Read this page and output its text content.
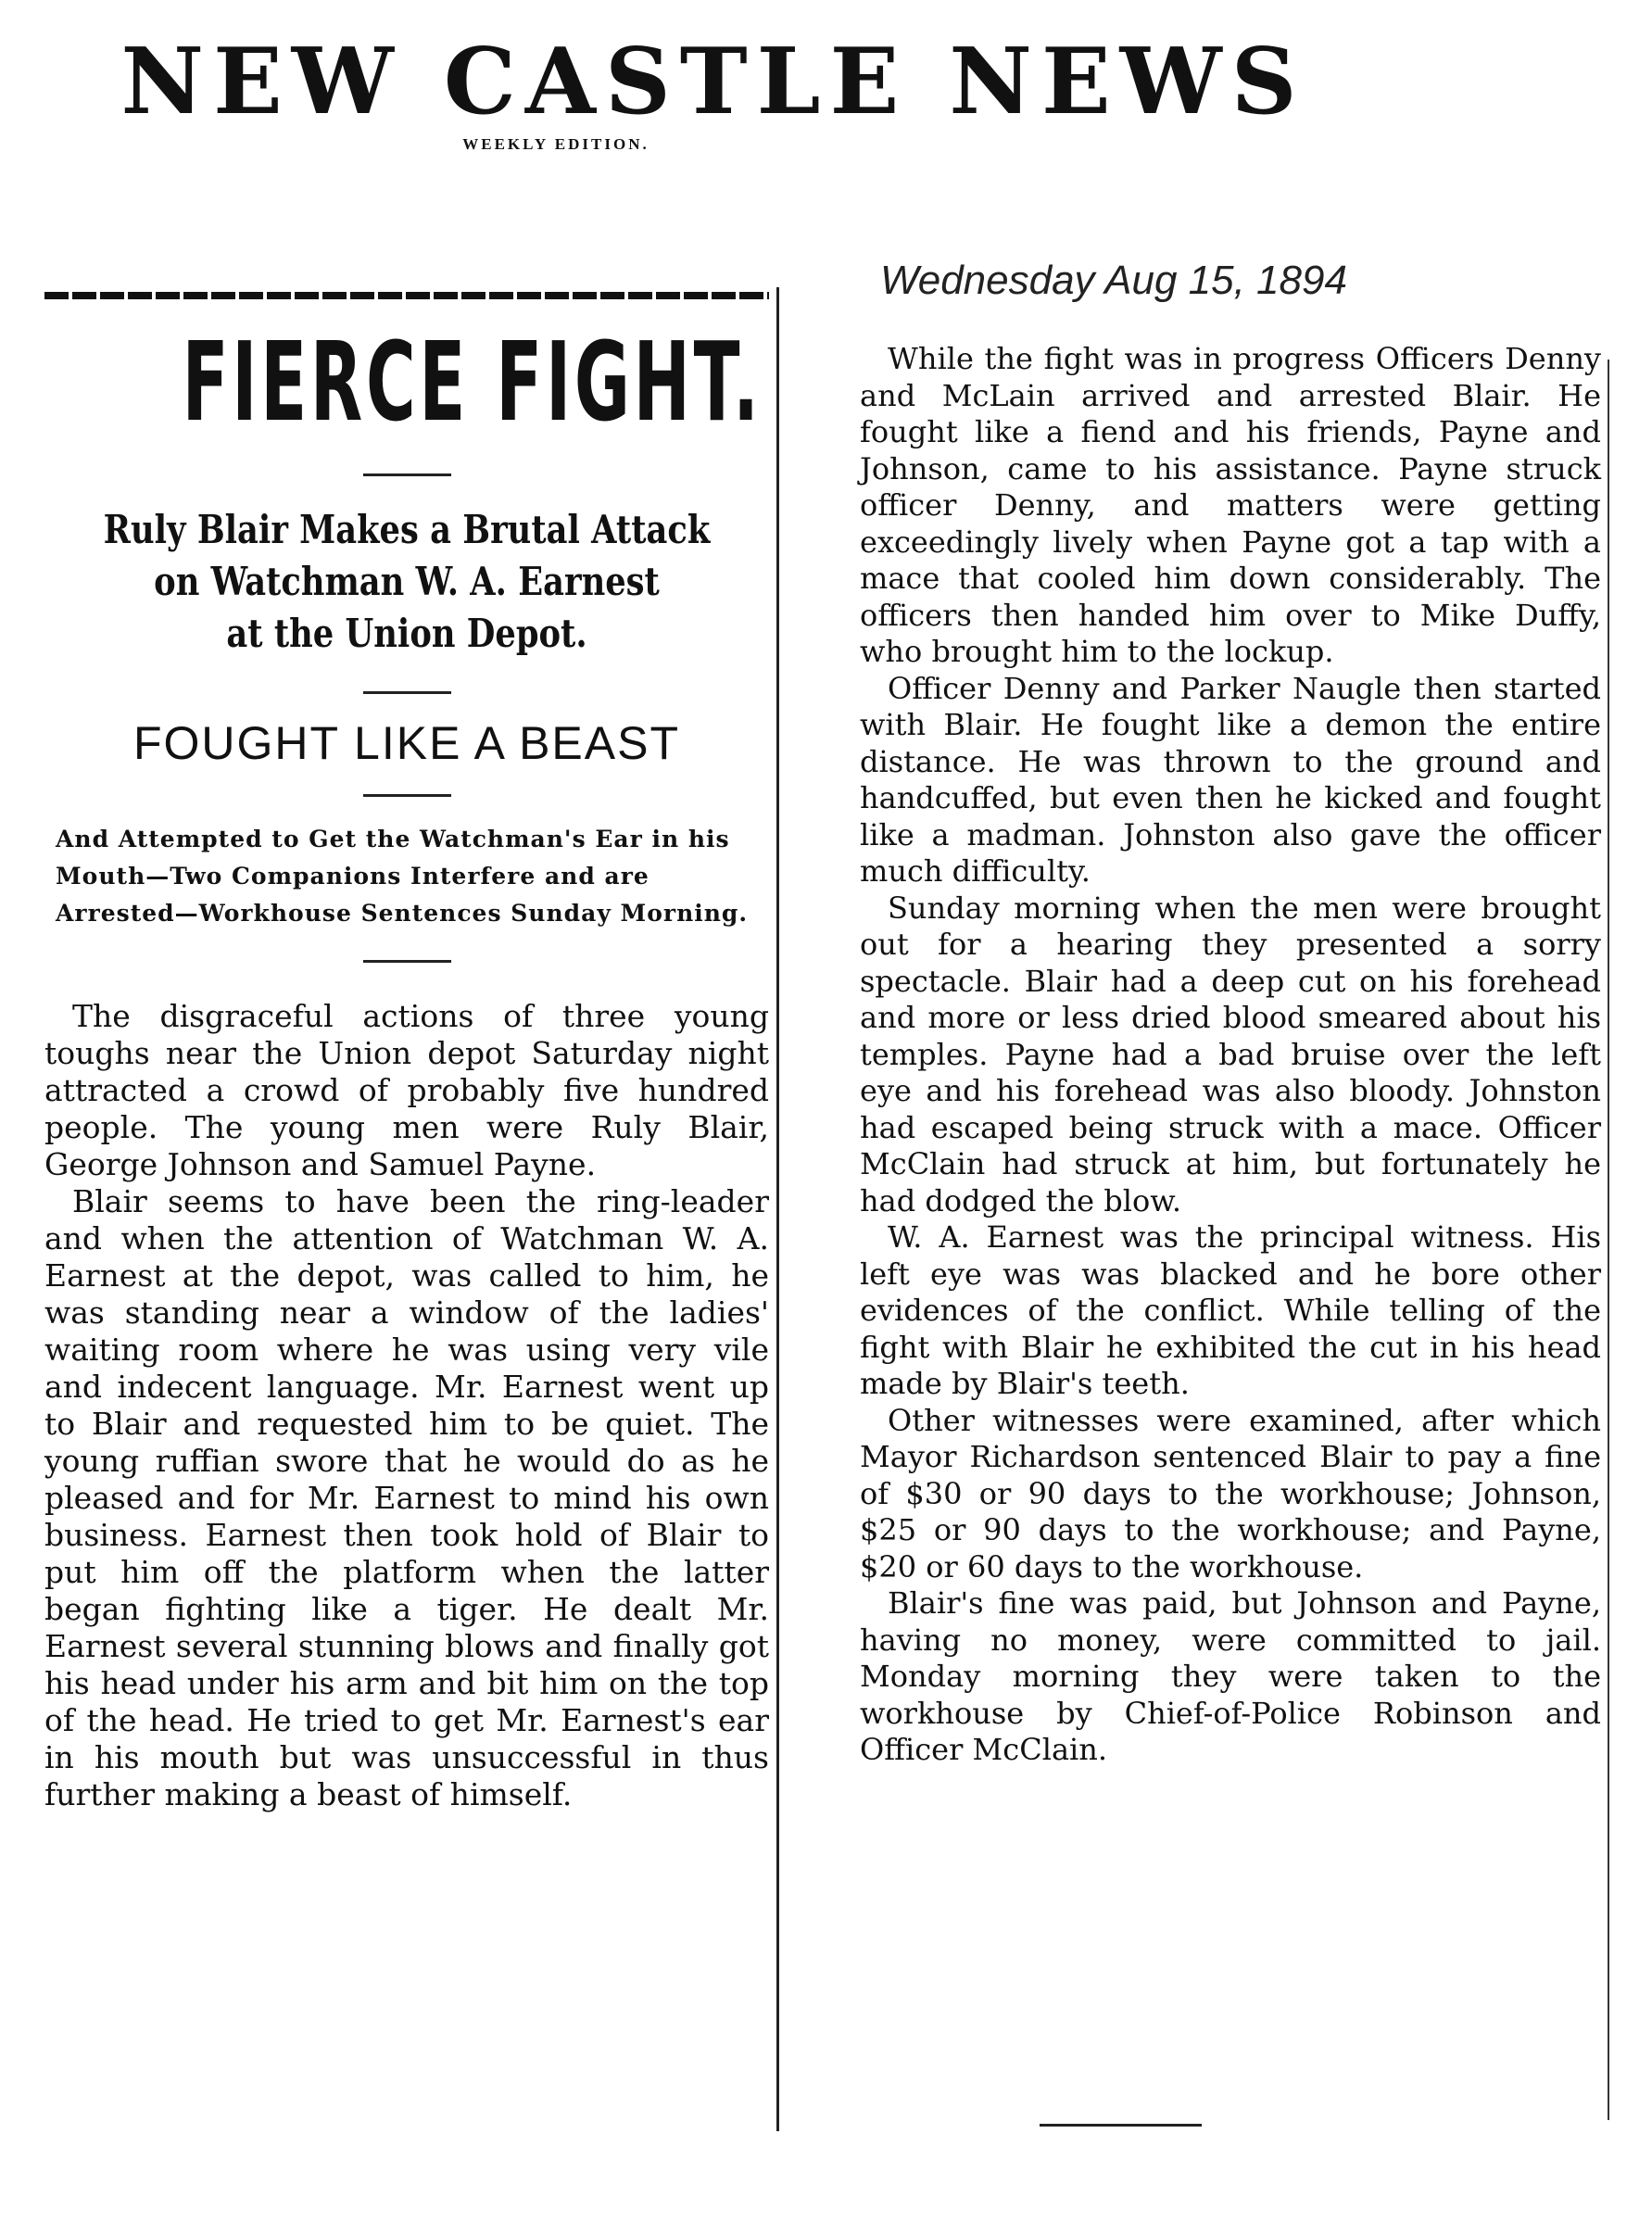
NEW CASTLE NEWS
WEEKLY EDITION.
Wednesday Aug 15, 1894
FIERCE FIGHT.
Ruly Blair Makes a Brutal Attack
on Watchman W. A. Earnest
at the Union Depot.
FOUGHT LIKE A BEAST
And Attempted to Get the Watchman's Ear in his Mouth—Two Companions Interfere and are Arrested—Workhouse Sentences Sunday Morning.

The disgraceful actions of three young toughs near the Union depot Saturday night attracted a crowd of probably five hundred people. The young men were Ruly Blair, George Johnson and Samuel Payne.

Blair seems to have been the ring-leader and when the attention of Watchman W. A. Earnest at the depot, was called to him, he was standing near a window of the ladies' waiting room where he was using very vile and indecent language. Mr. Earnest went up to Blair and requested him to be quiet. The young ruffian swore that he would do as he pleased and for Mr. Earnest to mind his own business. Earnest then took hold of Blair to put him off the platform when the latter began fighting like a tiger. He dealt Mr. Earnest several stunning blows and finally got his head under his arm and bit him on the top of the head. He tried to get Mr. Earnest's ear in his mouth but was unsuccessful in thus further making a beast of himself.

While the fight was in progress Officers Denny and McLain arrived and arrested Blair. He fought like a fiend and his friends, Payne and Johnson, came to his assistance. Payne struck officer Denny, and matters were getting exceedingly lively when Payne got a tap with a mace that cooled him down considerably. The officers then handed him over to Mike Duffy, who brought him to the lockup.

Officer Denny and Parker Naugle then started with Blair. He fought like a demon the entire distance. He was thrown to the ground and handcuffed, but even then he kicked and fought like a madman. Johnston also gave the officer much difficulty.

Sunday morning when the men were brought out for a hearing they presented a sorry spectacle. Blair had a deep cut on his forehead and more or less dried blood smeared about his temples. Payne had a bad bruise over the left eye and his forehead was also bloody. Johnston had escaped being struck with a mace. Officer McClain had struck at him, but fortunately he had dodged the blow.

W. A. Earnest was the principal witness. His left eye was was blacked and he bore other evidences of the conflict. While telling of the fight with Blair he exhibited the cut in his head made by Blair's teeth.

Other witnesses were examined, after which Mayor Richardson sentenced Blair to pay a fine of $30 or 90 days to the workhouse; Johnson, $25 or 90 days to the workhouse; and Payne, $20 or 60 days to the workhouse.

Blair's fine was paid, but Johnson and Payne, having no money, were committed to jail. Monday morning they were taken to the workhouse by Chief-of-Police Robinson and Officer McClain.
